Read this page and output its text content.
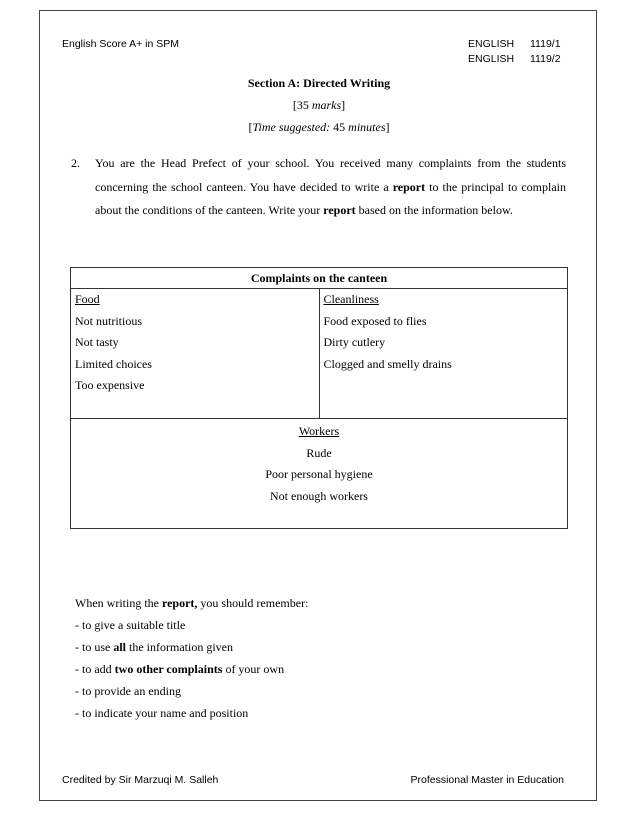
English Score A+ in SPM	ENGLISH 1119/1
ENGLISH 1119/2
Section A: Directed Writing
[35 marks]
[Time suggested: 45 minutes]
2. You are the Head Prefect of your school. You received many complaints from the students concerning the school canteen. You have decided to write a report to the principal to complain about the conditions of the canteen. Write your report based on the information below.
Complaints on the canteen

Food
Not nutritious
Not tasty
Limited choices
Too expensive

Cleanliness
Food exposed to flies
Dirty cutlery
Clogged and smelly drains

Workers
Rude
Poor personal hygiene
Not enough workers
When writing the report, you should remember:
- to give a suitable title
- to use all the information given
- to add two other complaints of your own
- to provide an ending
- to indicate your name and position
Credited by Sir Marzuqi M. Salleh	Professional Master in Education
